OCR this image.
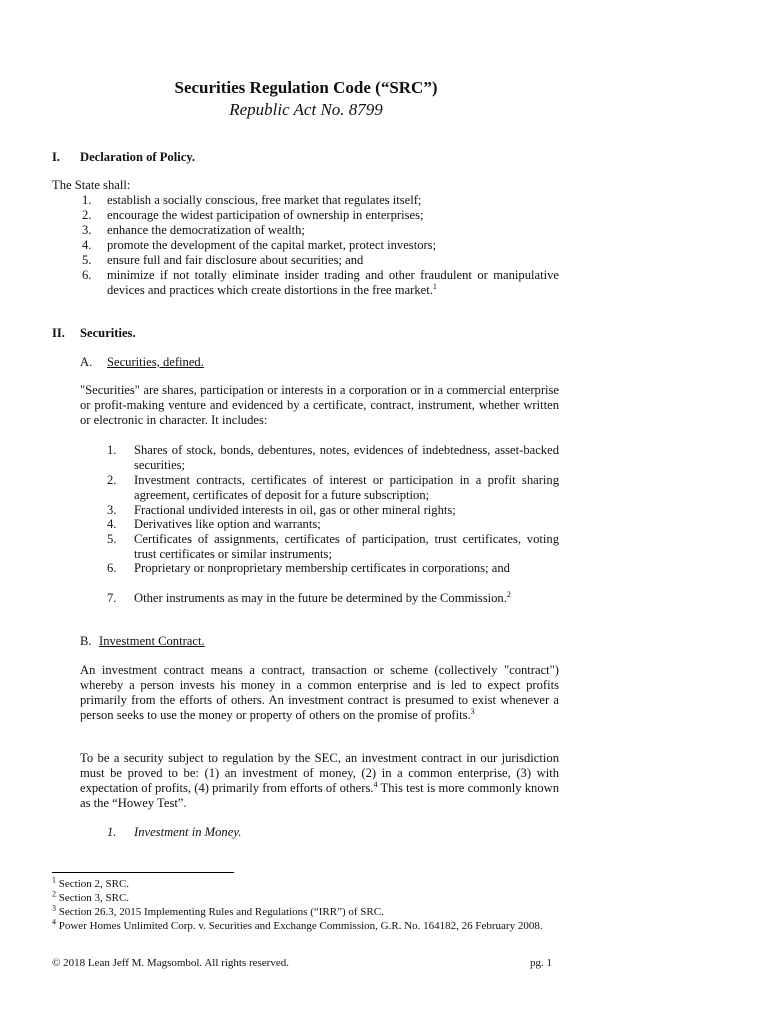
Securities Regulation Code (“SRC”)
Republic Act No. 8799
I. Declaration of Policy.
The State shall:
1. establish a socially conscious, free market that regulates itself;
2. encourage the widest participation of ownership in enterprises;
3. enhance the democratization of wealth;
4. promote the development of the capital market, protect investors;
5. ensure full and fair disclosure about securities; and
6. minimize if not totally eliminate insider trading and other fraudulent or manipulative devices and practices which create distortions in the free market.$^1$
II. Securities.
A. Securities, defined.
"Securities" are shares, participation or interests in a corporation or in a commercial enterprise or profit-making venture and evidenced by a certificate, contract, instrument, whether written or electronic in character. It includes:
1. Shares of stock, bonds, debentures, notes, evidences of indebtedness, asset-backed securities;
2. Investment contracts, certificates of interest or participation in a profit sharing agreement, certificates of deposit for a future subscription;
3. Fractional undivided interests in oil, gas or other mineral rights;
4. Derivatives like option and warrants;
5. Certificates of assignments, certificates of participation, trust certificates, voting trust certificates or similar instruments;
6. Proprietary or nonproprietary membership certificates in corporations; and
7. Other instruments as may in the future be determined by the Commission.$^2$
B. Investment Contract.
An investment contract means a contract, transaction or scheme (collectively "contract") whereby a person invests his money in a common enterprise and is led to expect profits primarily from the efforts of others. An investment contract is presumed to exist whenever a person seeks to use the money or property of others on the promise of profits.$^3$
To be a security subject to regulation by the SEC, an investment contract in our jurisdiction must be proved to be: (1) an investment of money, (2) in a common enterprise, (3) with expectation of profits, (4) primarily from efforts of others.$^4$ This test is more commonly known as the “Howey Test”.
1. Investment in Money.
$^1$ Section 2, SRC.
$^2$ Section 3, SRC.
$^3$ Section 26.3, 2015 Implementing Rules and Regulations (“IRR”) of SRC.
$^4$ Power Homes Unlimited Corp. v. Securities and Exchange Commission, G.R. No. 164182, 26 February 2008.
© 2018 Lean Jeff M. Magsombol. All rights reserved.	pg. 1
